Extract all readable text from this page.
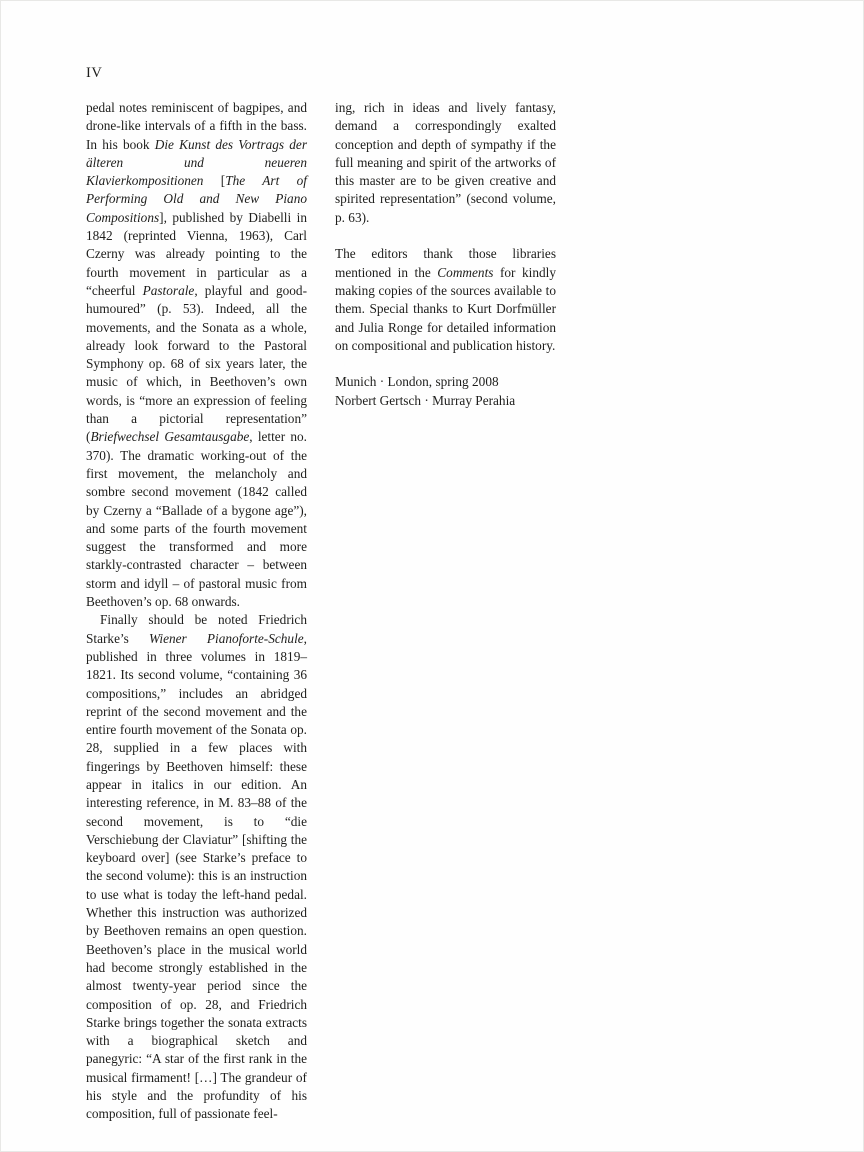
IV

pedal notes reminiscent of bagpipes, and drone-like intervals of a fifth in the bass. In his book Die Kunst des Vortrags der älteren und neueren Klavierkompositionen [The Art of Performing Old and New Piano Compositions], published by Diabelli in 1842 (reprinted Vienna, 1963), Carl Czerny was already pointing to the fourth movement in particular as a “cheerful Pastorale, playful and good-humoured” (p. 53). Indeed, all the movements, and the Sonata as a whole, already look forward to the Pastoral Symphony op. 68 of six years later, the music of which, in Beethoven’s own words, is “more an expression of feeling than a pictorial representation” (Briefwechsel Gesamtausgabe, letter no. 370). The dramatic working-out of the first movement, the melancholy and sombre second movement (1842 called by Czerny a “Ballade of a bygone age”), and some parts of the fourth movement suggest the transformed and more starkly-contrasted character – between storm and idyll – of pastoral music from Beethoven’s op. 68 onwards.

Finally should be noted Friedrich Starke’s Wiener Pianoforte-Schule, published in three volumes in 1819–1821. Its second volume, “containing 36 compositions,” includes an abridged reprint of the second movement and the entire fourth movement of the Sonata op. 28, supplied in a few places with fingerings by Beethoven himself: these appear in italics in our edition. An interesting reference, in M. 83–88 of the second movement, is to “die Verschiebung der Claviatur” [shifting the keyboard over] (see Starke’s preface to the second volume): this is an instruction to use what is today the left-hand pedal. Whether this instruction was authorized by Beethoven remains an open question. Beethoven’s place in the musical world had become strongly established in the almost twenty-year period since the composition of op. 28, and Friedrich Starke brings together the sonata extracts with a biographical sketch and panegyric: “A star of the first rank in the musical firmament! […] The grandeur of his style and the profundity of his composition, full of passionate feel-

ing, rich in ideas and lively fantasy, demand a correspondingly exalted conception and depth of sympathy if the full meaning and spirit of the artworks of this master are to be given creative and spirited representation” (second volume, p. 63).

The editors thank those libraries mentioned in the Comments for kindly making copies of the sources available to them. Special thanks to Kurt Dorfmüller and Julia Ronge for detailed information on compositional and publication history.

Munich · London, spring 2008

Norbert Gertsch · Murray Perahia
